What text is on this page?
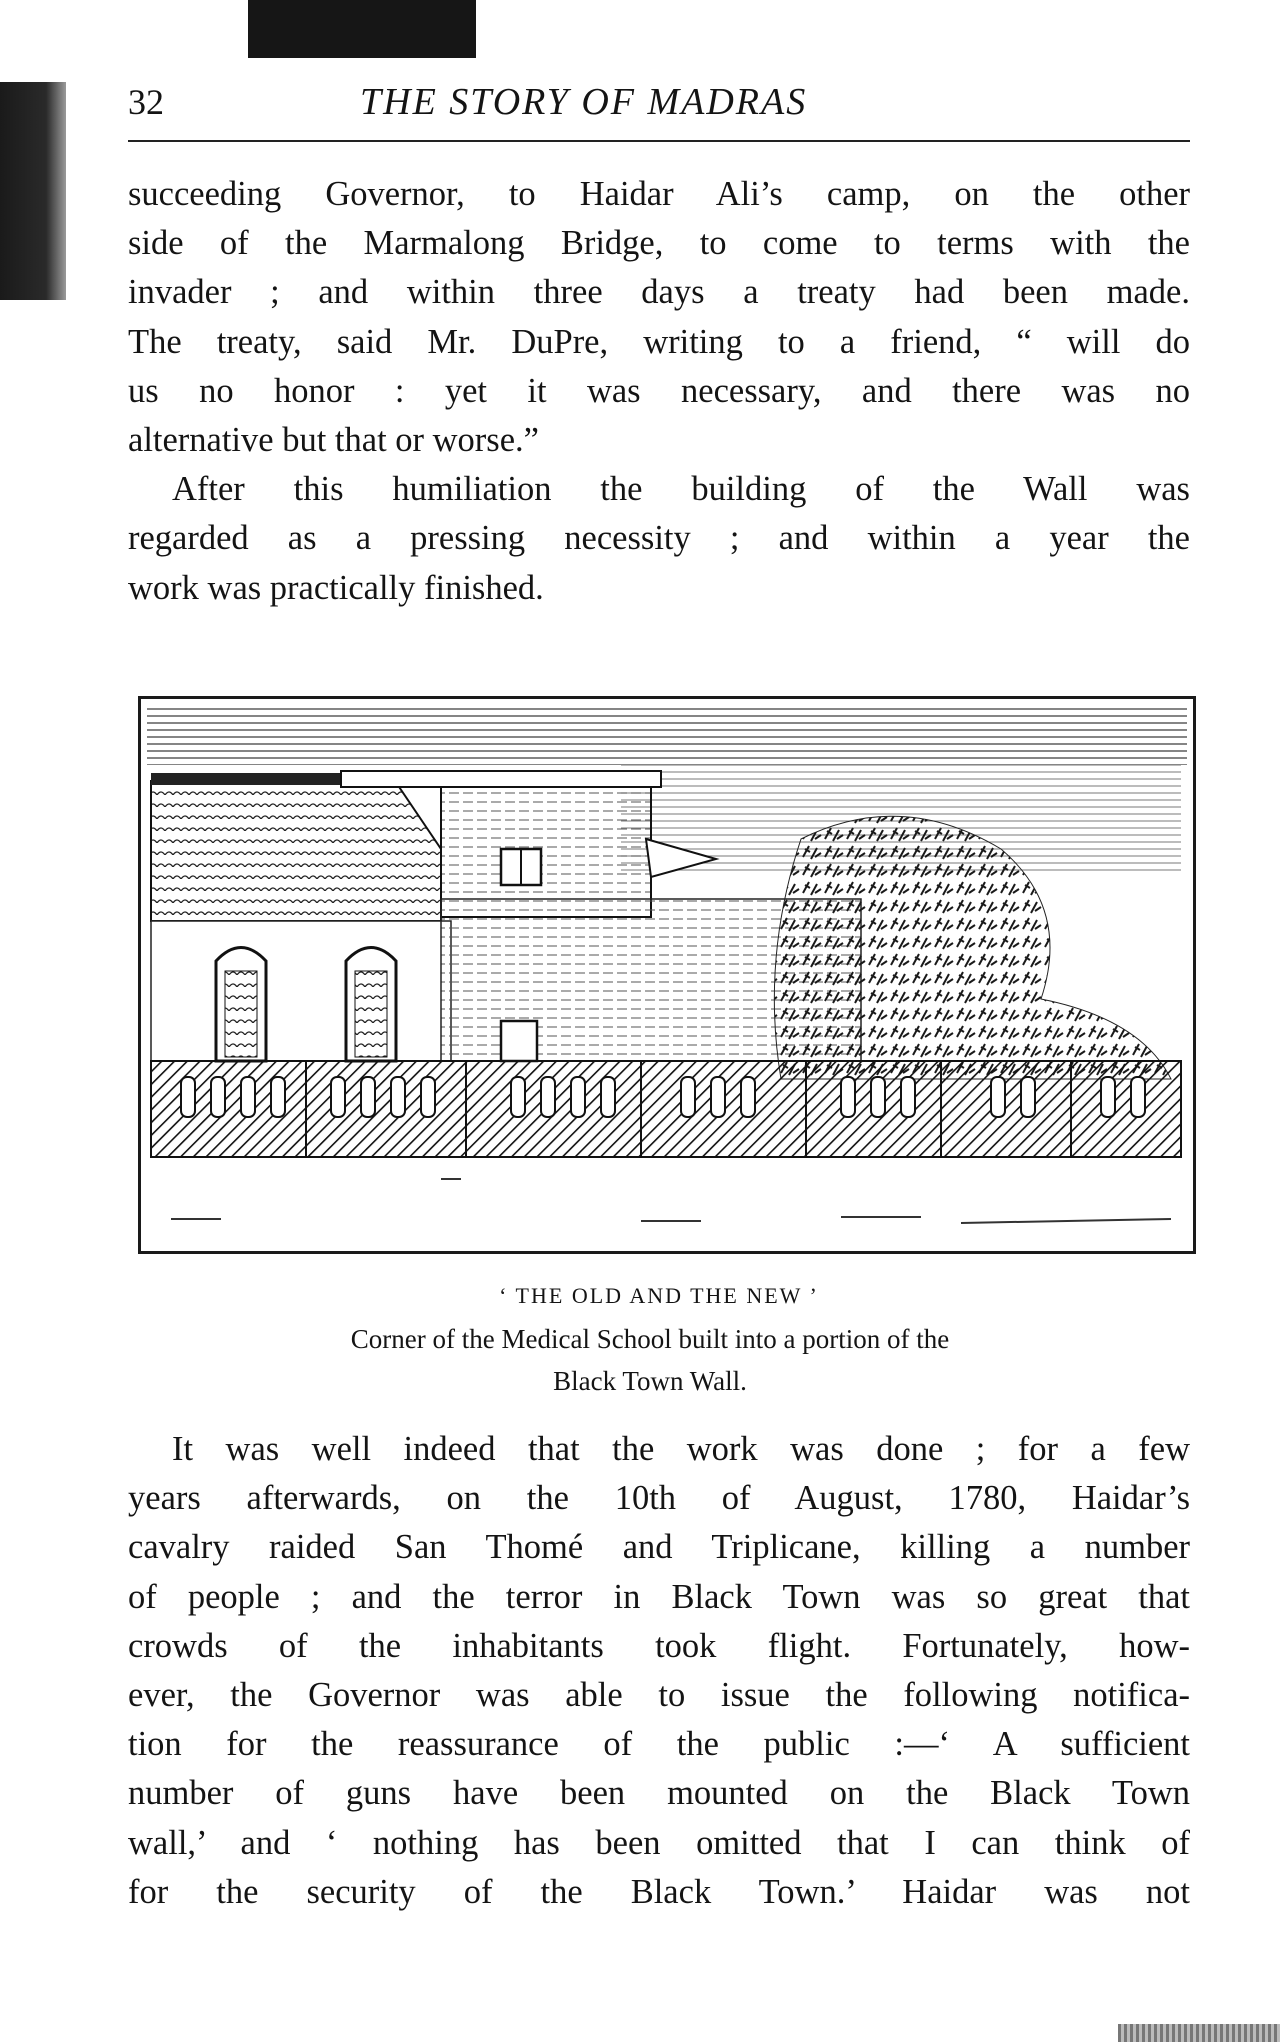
32	THE STORY OF MADRAS

succeeding Governor, to Haidar Ali’s camp, on the other
side of the Marmalong Bridge, to come to terms with the
invader ; and within three days a treaty had been made.
The treaty, said Mr. DuPre, writing to a friend, “ will do
us no honor : yet it was necessary, and there was no
alternative but that or worse.”
After this humiliation the building of the Wall was
regarded as a pressing necessity ; and within a year the
work was practically finished.

‘ THE OLD AND THE NEW ’
Corner of the Medical School built into a portion of the
Black Town Wall.

It was well indeed that the work was done ; for a few
years afterwards, on the 10th of August, 1780, Haidar’s
cavalry raided San Thomé and Triplicane, killing a number
of people ; and the terror in Black Town was so great that
crowds of the inhabitants took flight. Fortunately, how-
ever, the Governor was able to issue the following notifica-
tion for the reassurance of the public :—‘ A sufficient
number of guns have been mounted on the Black Town
wall,’ and ‘ nothing has been omitted that I can think of
for the security of the Black Town.’ Haidar was not
